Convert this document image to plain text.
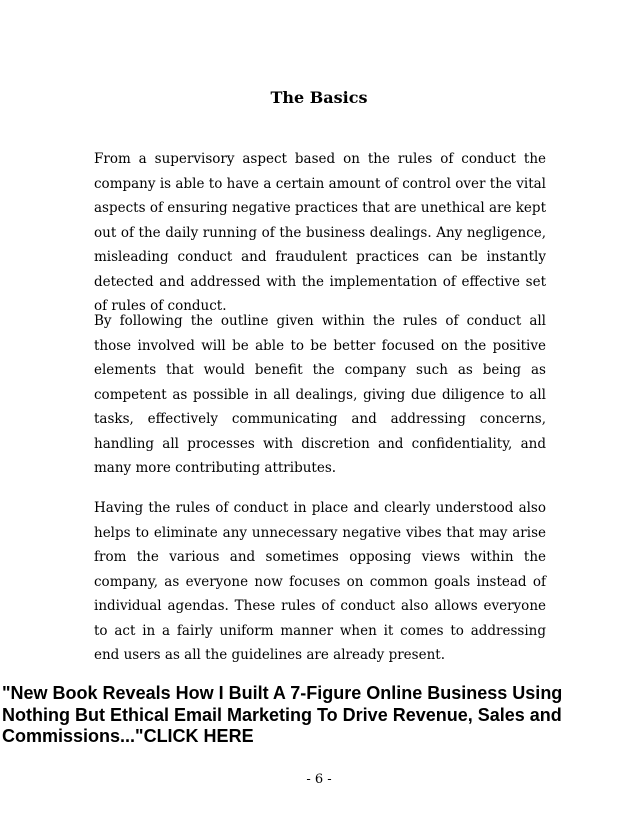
The Basics

From a supervisory aspect based on the rules of conduct the company is able to have a certain amount of control over the vital aspects of ensuring negative practices that are unethical are kept out of the daily running of the business dealings. Any negligence, misleading conduct and fraudulent practices can be instantly detected and addressed with the implementation of effective set of rules of conduct.

By following the outline given within the rules of conduct all those involved will be able to be better focused on the positive elements that would benefit the company such as being as competent as possible in all dealings, giving due diligence to all tasks, effectively communicating and addressing concerns, handling all processes with discretion and confidentiality, and many more contributing attributes.

Having the rules of conduct in place and clearly understood also helps to eliminate any unnecessary negative vibes that may arise from the various and sometimes opposing views within the company, as everyone now focuses on common goals instead of individual agendas. These rules of conduct also allows everyone to act in a fairly uniform manner when it comes to addressing end users as all the guidelines are already present.

"New Book Reveals How I Built A 7-Figure Online Business Using Nothing But Ethical Email Marketing To Drive Revenue, Sales and Commissions..."CLICK HERE
- 6 -
